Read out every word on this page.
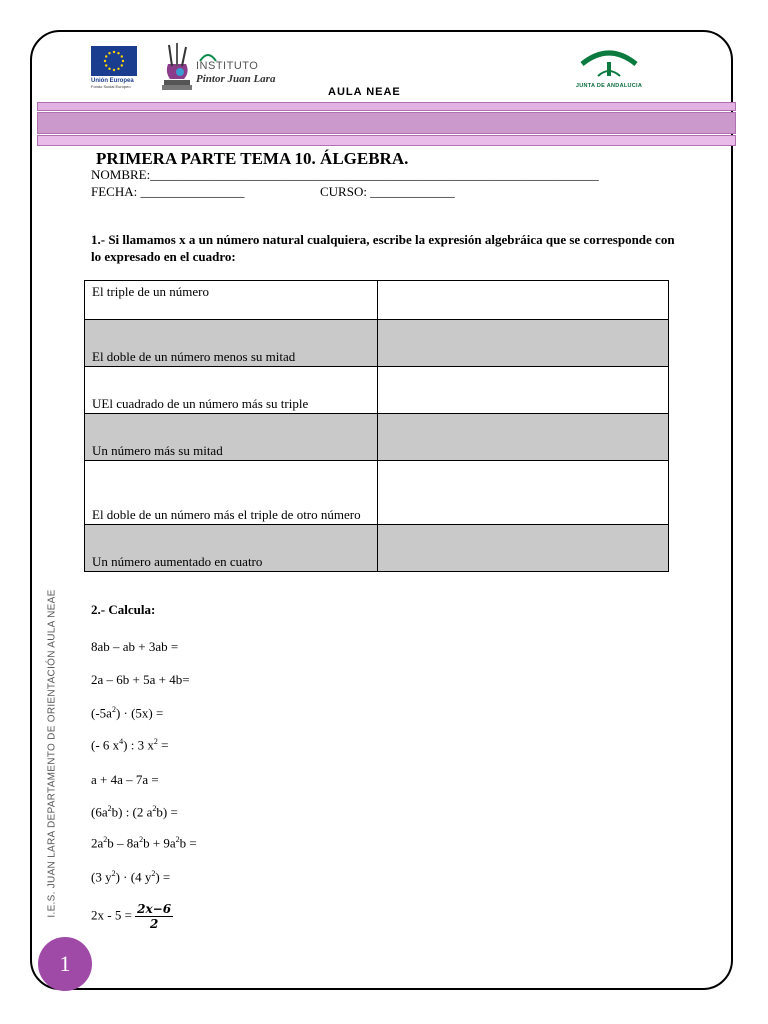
Unión Europea
Fondo Social Europeo
INSTITUTO
Pintor Juan Lara
JUNTA DE ANDALUCIA
AULA NEAE
PRIMERA PARTE TEMA 10. ÁLGEBRA.
NOMBRE:_____________________________________________________________________
FECHA: ________________	CURSO: _____________
1.- Si llamamos x a un número natural cualquiera, escribe la expresión algebráica que se corresponde con lo expresado en el cuadro:
El triple de un número	
El doble de un número menos su mitad	
UEl cuadrado de un número más su triple	
Un número más su mitad	
El doble de un número más el triple de otro número	
Un número aumentado en cuatro	
2.- Calcula:
8ab – ab + 3ab =
2a – 6b + 5a + 4b=
$(-5a^2) \cdot (5x)$ =
(- 6 $x^4$) : 3 $x^2$ =
a + 4a – 7a =
$(6a^2b)$ : (2 $a^2b$) =
$2a^2b - 8a^2b + 9a^2b$ =
(3 $y^2) \cdot (4$ $y^2$) =
$2x - 5 = \frac{2x-6}{2}$
I.E.S. JUAN LARA DEPARTAMENTO DE ORIENTACIÓN AULA NEAE
1
